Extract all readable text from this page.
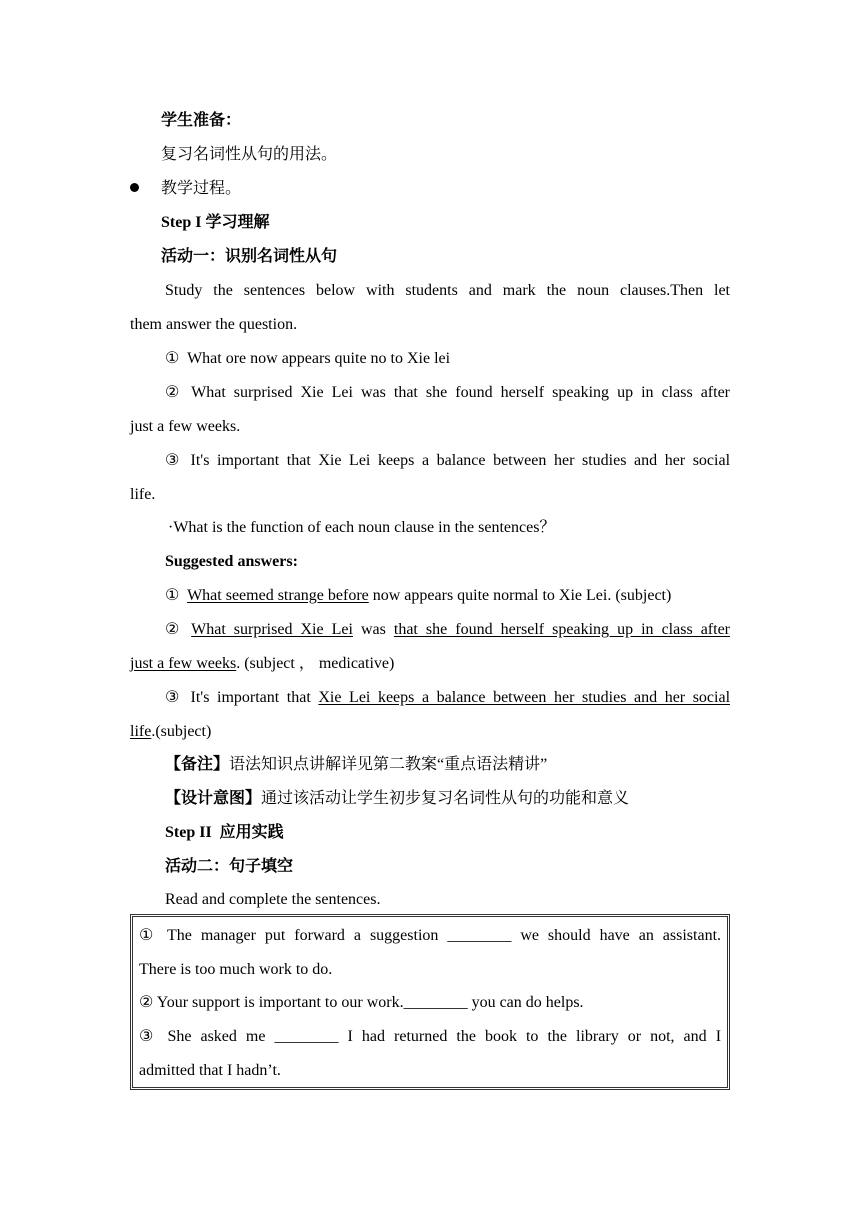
学生准备：
复习名词性从句的用法。
教学过程。
Step I 学习理解
活动一：识别名词性从句
Study the sentences below with students and mark the noun clauses.Then let
them answer the question.
① What ore now appears quite no to Xie lei
② What surprised Xie Lei was that she found herself speaking up in class after
just a few weeks.
③ It's important that Xie Lei keeps a balance between her studies and her social
life.
·What is the function of each noun clause in the sentences？
Suggested answers:
① What seemed strange before now appears quite normal to Xie Lei. (subject)
② What surprised Xie Lei was that she found herself speaking up in class after
just a few weeks. (subject ， medicative)
③ It's important that Xie Lei keeps a balance between her studies and her social
life.(subject)
【备注】语法知识点讲解详见第二教案“重点语法精讲”
【设计意图】通过该活动让学生初步复习名词性从句的功能和意义
Step II  应用实践
活动二：句子填空
Read and complete the sentences.
① The manager put forward a suggestion ________ we should have an assistant.
There is too much work to do.
② Your support is important to our work.________ you can do helps.
③ She asked me ________ I had returned the book to the library or not, and I
admitted that I hadn’t.
